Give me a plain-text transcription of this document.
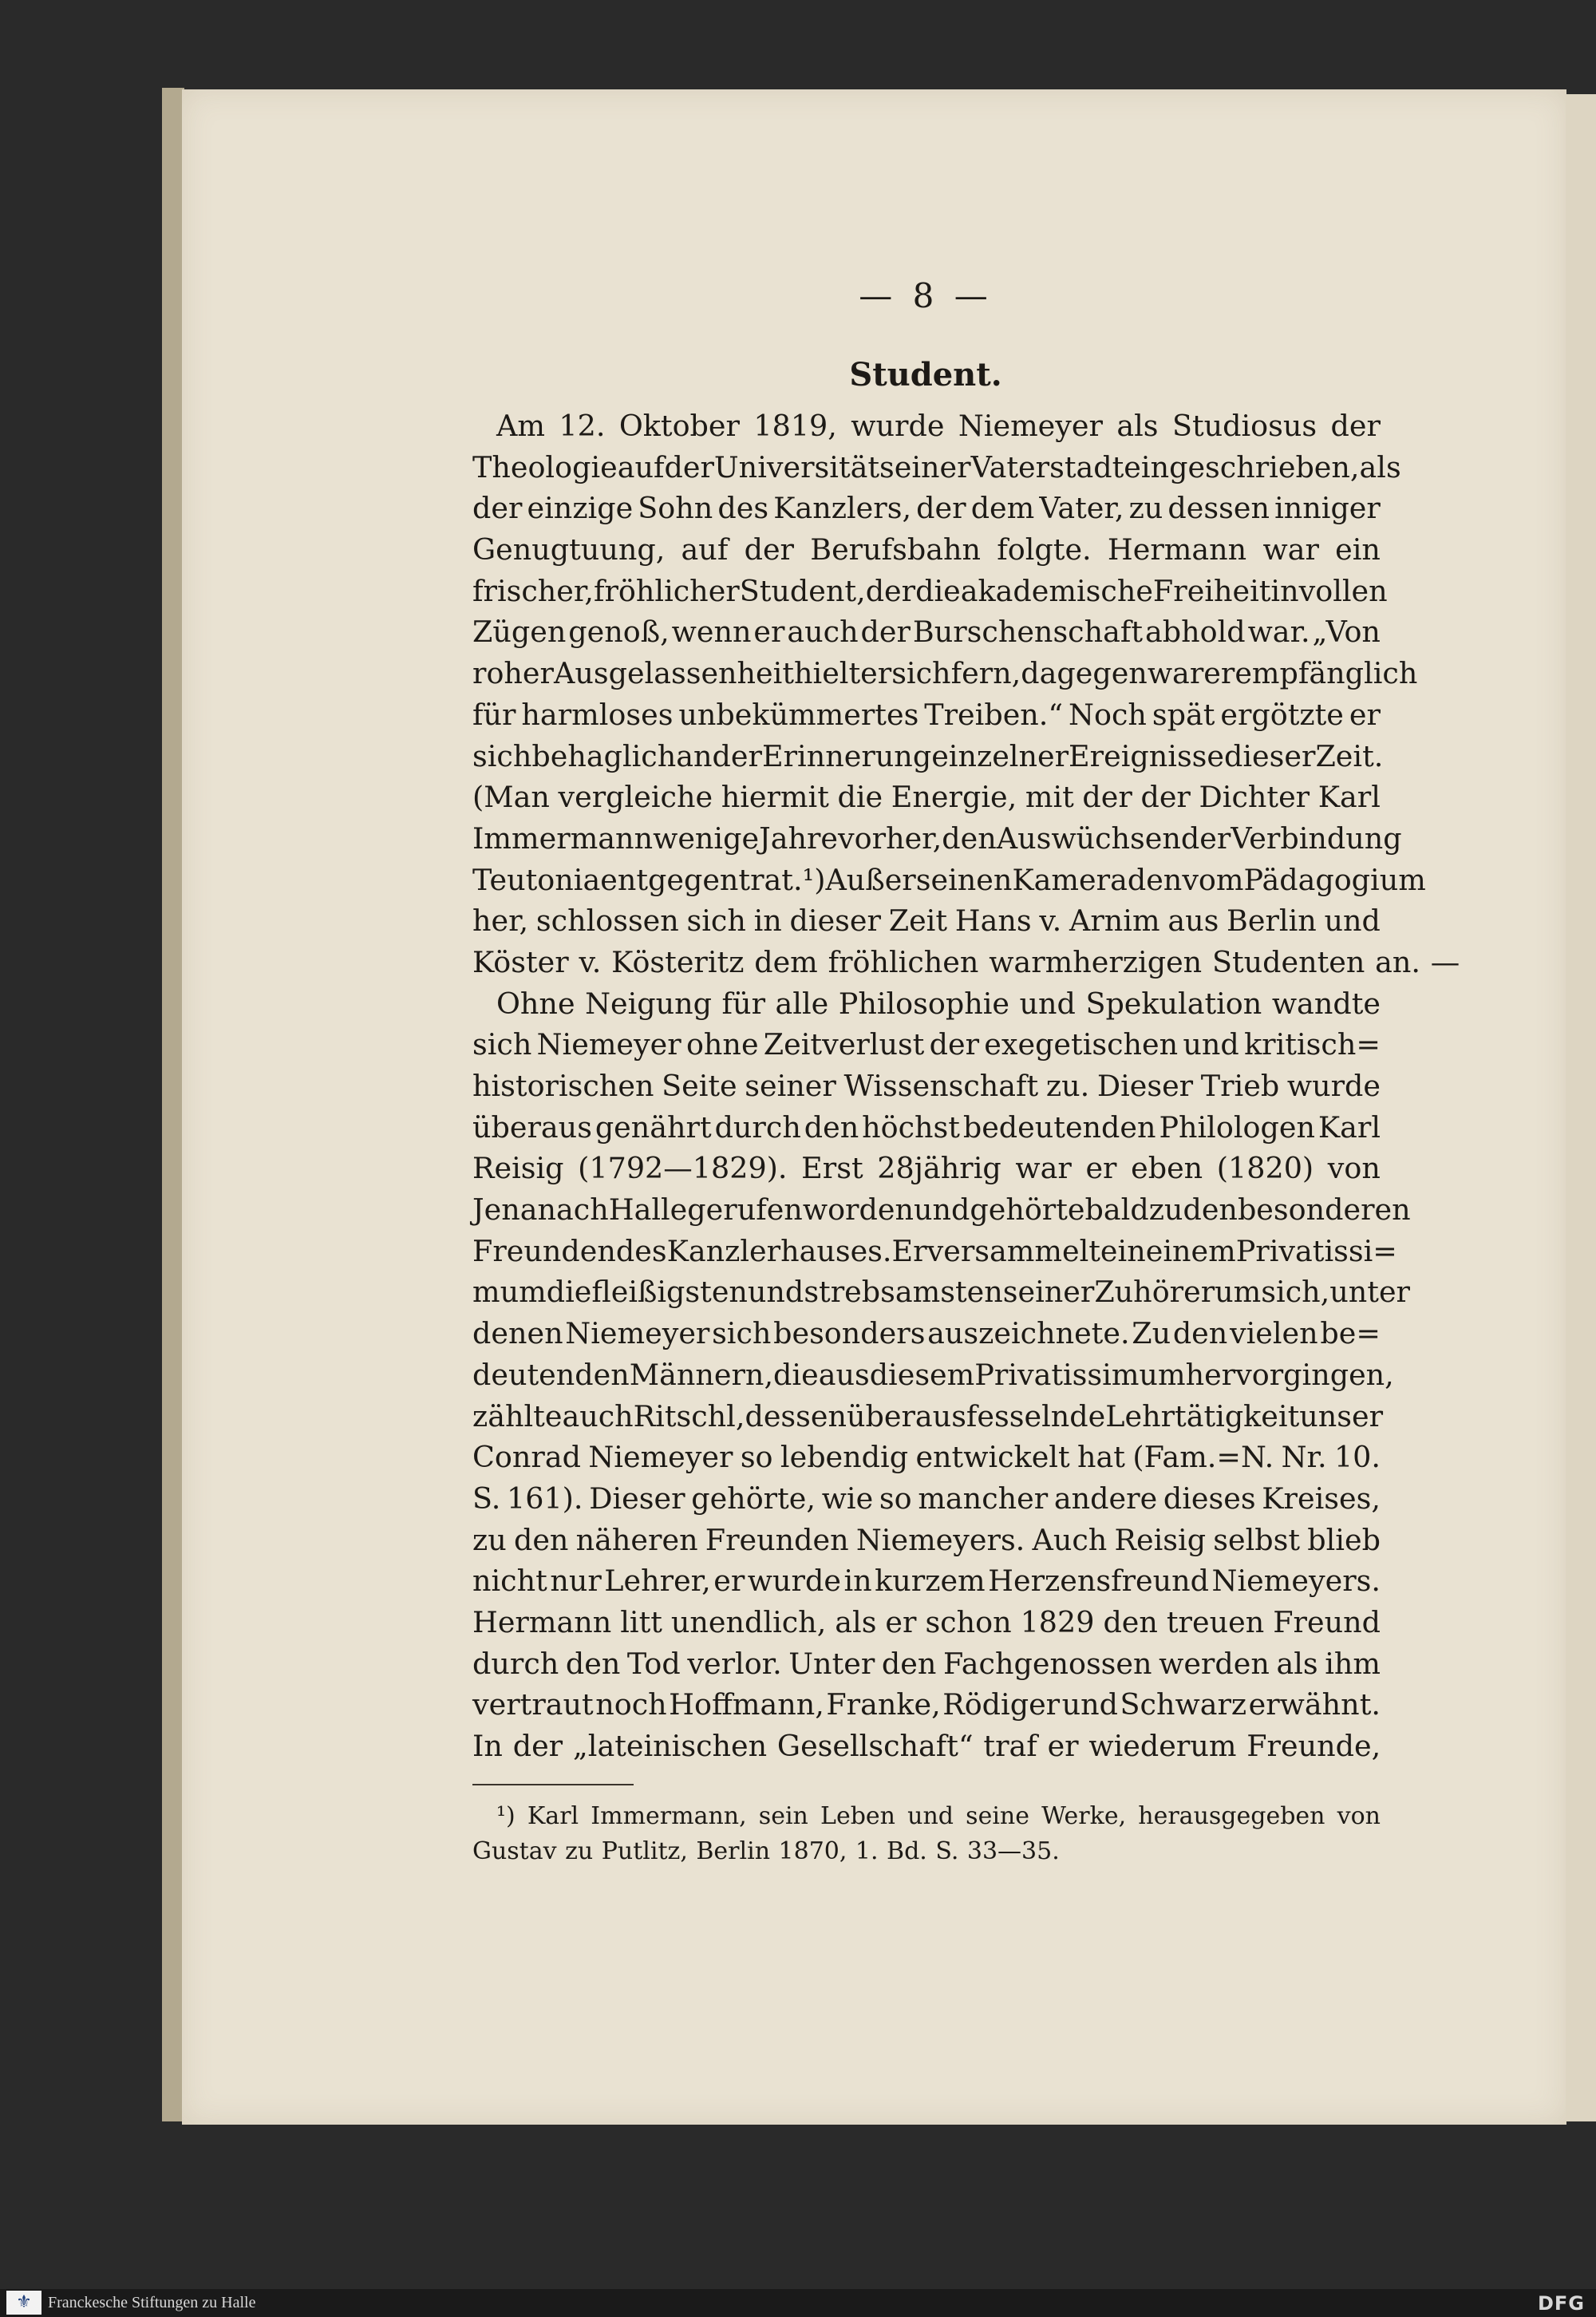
— 8 —
Student.
Am 12. Oktober 1819, wurde Niemeyer als Studiosus der
Theologie auf der Universität seiner Vaterstadt eingeschrieben, als
der einzige Sohn des Kanzlers, der dem Vater, zu dessen inniger
Genugtuung, auf der Berufsbahn folgte. Hermann war ein
frischer, fröhlicher Student, der die akademische Freiheit in vollen
Zügen genoß, wenn er auch der Burschenschaft abhold war. „Von
roher Ausgelassenheit hielt er sich fern, dagegen war er empfänglich
für harmloses unbekümmertes Treiben.“ Noch spät ergötzte er
sich behaglich an der Erinnerung einzelner Ereignisse dieser Zeit.
(Man vergleiche hiermit die Energie, mit der der Dichter Karl
Immermann wenige Jahre vorher, den Auswüchsen der Verbindung
Teutonia entgegentrat.¹) Außer seinen Kameraden vom Pädagogium
her, schlossen sich in dieser Zeit Hans v. Arnim aus Berlin und
Köster v. Kösteritz dem fröhlichen warmherzigen Studenten an. —
Ohne Neigung für alle Philosophie und Spekulation wandte
sich Niemeyer ohne Zeitverlust der exegetischen und kritisch=
historischen Seite seiner Wissenschaft zu. Dieser Trieb wurde
überaus genährt durch den höchst bedeutenden Philologen Karl
Reisig (1792—1829). Erst 28jährig war er eben (1820) von
Jena nach Halle gerufen worden und gehörte bald zu den besonderen
Freunden des Kanzlerhauses. Er versammelte in einem Privatissi=
mum die fleißigsten und strebsamsten seiner Zuhörer um sich, unter
denen Niemeyer sich besonders auszeichnete. Zu den vielen be=
deutenden Männern, die aus diesem Privatissimum hervorgingen,
zählte auch Ritschl, dessen überaus fesselnde Lehrtätigkeit unser
Conrad Niemeyer so lebendig entwickelt hat (Fam.=N. Nr. 10.
S. 161). Dieser gehörte, wie so mancher andere dieses Kreises,
zu den näheren Freunden Niemeyers. Auch Reisig selbst blieb
nicht nur Lehrer, er wurde in kurzem Herzensfreund Niemeyers.
Hermann litt unendlich, als er schon 1829 den treuen Freund
durch den Tod verlor. Unter den Fachgenossen werden als ihm
vertraut noch Hoffmann, Franke, Rödiger und Schwarz erwähnt.
In der „lateinischen Gesellschaft“ traf er wiederum Freunde,
¹) Karl Immermann, sein Leben und seine Werke, herausgegeben von
Gustav zu Putlitz, Berlin 1870, 1. Bd. S. 33—35.
⚜	Franckesche Stiftungen zu Halle	DFG
